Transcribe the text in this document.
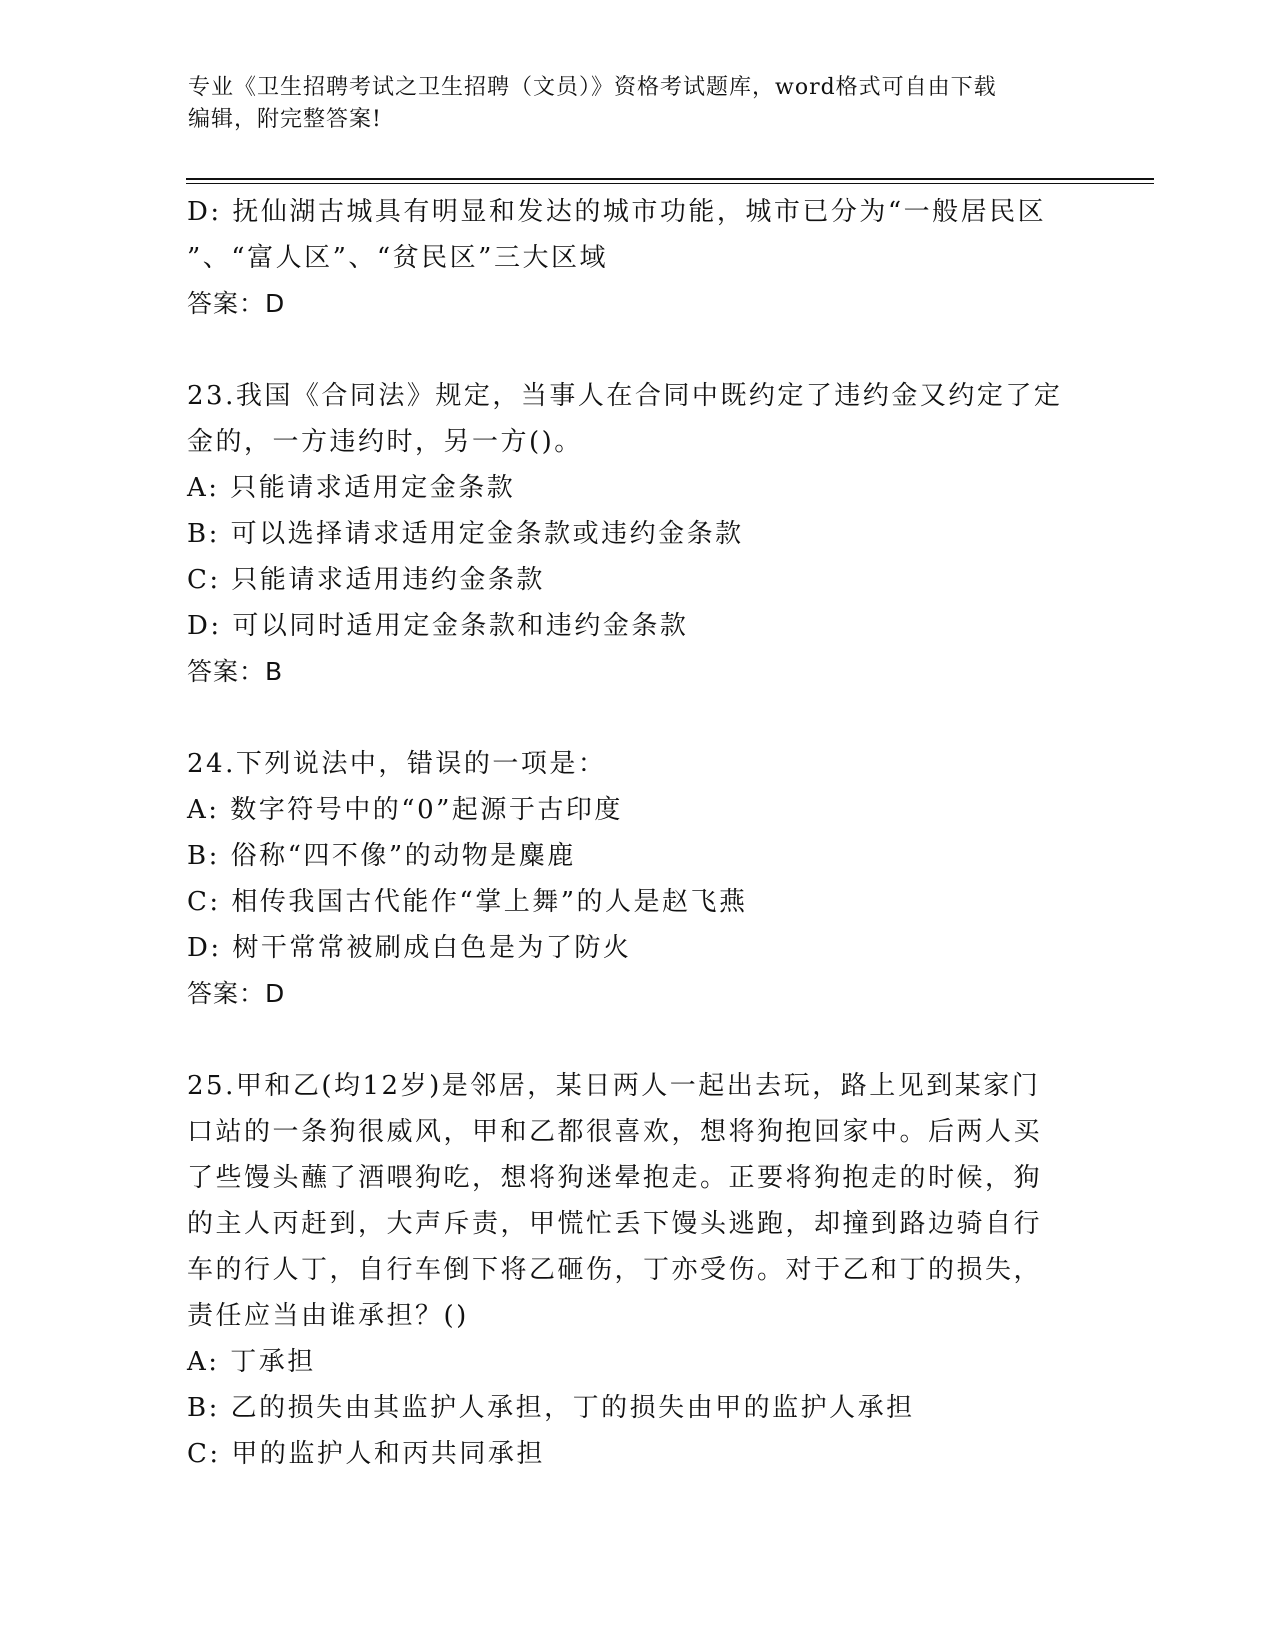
专业《卫生招聘考试之卫生招聘（文员）》资格考试题库，word格式可自由下载
编辑，附完整答案!
D: 抚仙湖古城具有明显和发达的城市功能，城市已分为“一般居民区
”、“富人区”、“贫民区”三大区域
答案：D
23.我国《合同法》规定，当事人在合同中既约定了违约金又约定了定
金的，一方违约时，另一方()。
A: 只能请求适用定金条款
B: 可以选择请求适用定金条款或违约金条款
C: 只能请求适用违约金条款
D: 可以同时适用定金条款和违约金条款
答案：B
24.下列说法中，错误的一项是：
A: 数字符号中的“0”起源于古印度
B: 俗称“四不像”的动物是麋鹿
C: 相传我国古代能作“掌上舞”的人是赵飞燕
D: 树干常常被刷成白色是为了防火
答案：D
25.甲和乙(均12岁)是邻居，某日两人一起出去玩，路上见到某家门
口站的一条狗很威风，甲和乙都很喜欢，想将狗抱回家中。后两人买
了些馒头蘸了酒喂狗吃，想将狗迷晕抱走。正要将狗抱走的时候，狗
的主人丙赶到，大声斥责，甲慌忙丢下馒头逃跑，却撞到路边骑自行
车的行人丁，自行车倒下将乙砸伤，丁亦受伤。对于乙和丁的损失，
责任应当由谁承担？()
A: 丁承担
B: 乙的损失由其监护人承担，丁的损失由甲的监护人承担
C: 甲的监护人和丙共同承担
